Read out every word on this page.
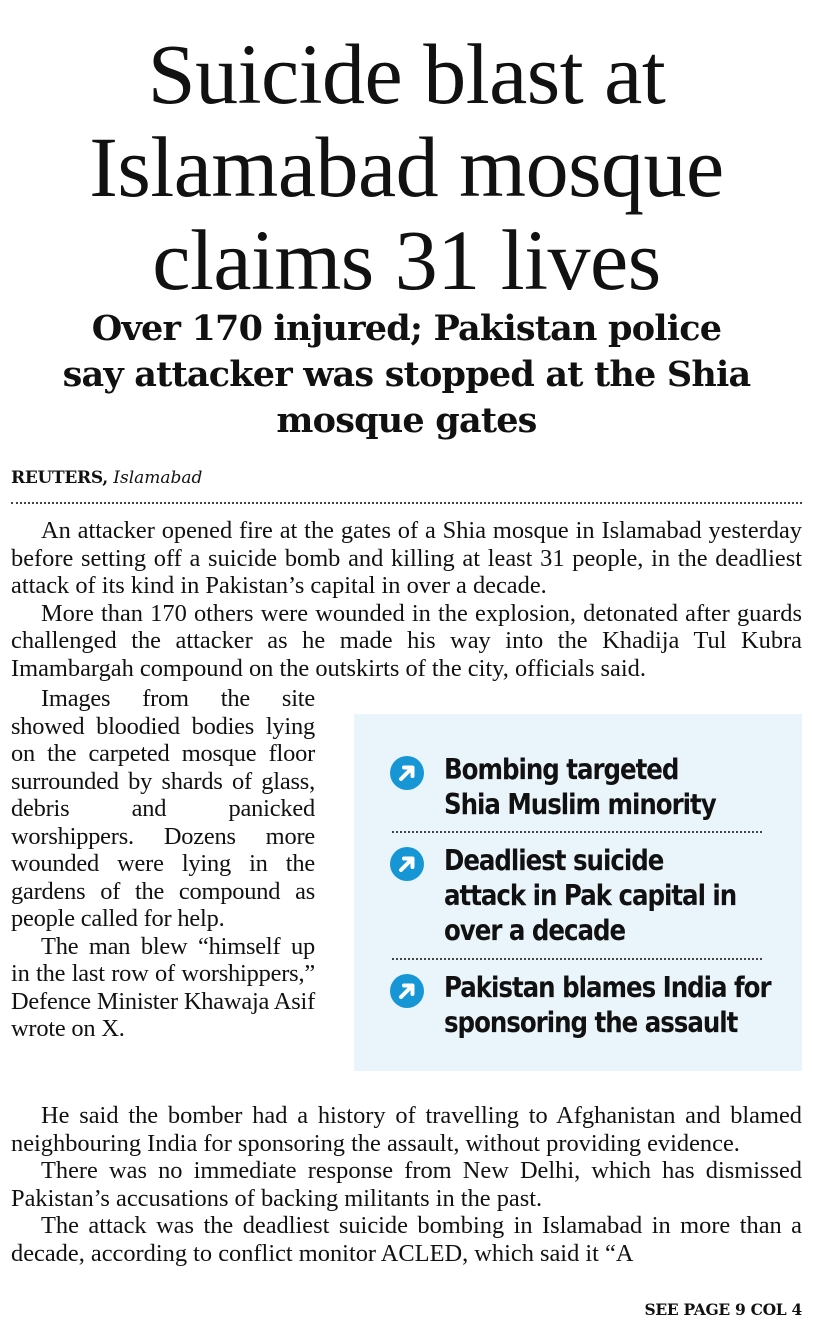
Suicide blast at
Islamabad mosque
claims 31 lives
Over 170 injured; Pakistan police
say attacker was stopped at the Shia
mosque gates
REUTERS, Islamabad

An attacker opened fire at the gates of a Shia mosque in Islamabad yesterday before setting off a suicide bomb and killing at least 31 people, in the deadliest attack of its kind in Pakistan’s capital in over a decade.

More than 170 others were wounded in the explosion, detonated after guards challenged the attacker as he made his way into the Khadija Tul Kubra Imambargah compound on the outskirts of the city, officials said.

Images from the site showed bloodied bodies lying on the carpeted mosque floor surrounded by shards of glass, debris and panicked worshippers. Dozens more wounded were lying in the gardens of the compound as people called for help.

The man blew “himself up in the last row of worshippers,” Defence Minister Khawaja Asif wrote on X.

Bombing targeted Shia Muslim minority
Deadliest suicide attack in Pak capital in over a decade
Pakistan blames India for sponsoring the assault

He said the bomber had a history of travelling to Afghanistan and blamed neighbouring India for sponsoring the assault, without providing evidence.

There was no immediate response from New Delhi, which has dismissed Pakistan’s accusations of backing militants in the past.

The attack was the deadliest suicide bombing in Islamabad in more than a decade, according to conflict monitor ACLED, which said it “A

SEE PAGE 9 COL 4
